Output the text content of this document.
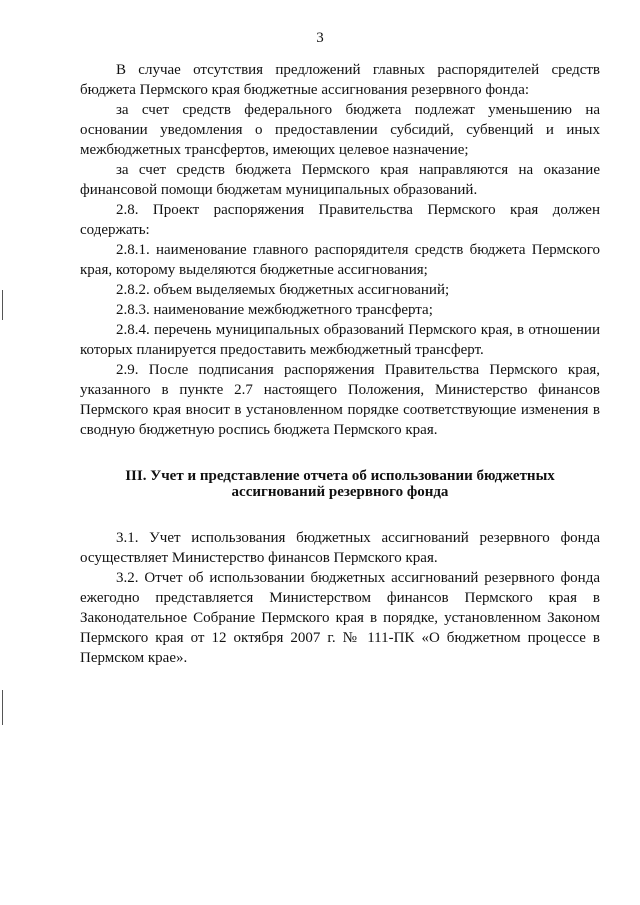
3

В случае отсутствия предложений главных распорядителей средств бюджета Пермского края бюджетные ассигнования резервного фонда:

за счет средств федерального бюджета подлежат уменьшению на основании уведомления о предоставлении субсидий, субвенций и иных межбюджетных трансфертов, имеющих целевое назначение;

за счет средств бюджета Пермского края направляются на оказание финансовой помощи бюджетам муниципальных образований.

2.8. Проект распоряжения Правительства Пермского края должен содержать:

2.8.1. наименование главного распорядителя средств бюджета Пермского края, которому выделяются бюджетные ассигнования;

2.8.2. объем выделяемых бюджетных ассигнований;

2.8.3. наименование межбюджетного трансферта;

2.8.4. перечень муниципальных образований Пермского края, в отношении которых планируется предоставить межбюджетный трансферт.

2.9. После подписания распоряжения Правительства Пермского края, указанного в пункте 2.7 настоящего Положения, Министерство финансов Пермского края вносит в установленном порядке соответствующие изменения в сводную бюджетную роспись бюджета Пермского края.

III. Учет и представление отчета об использовании бюджетных
ассигнований резервного фонда

3.1. Учет использования бюджетных ассигнований резервного фонда осуществляет Министерство финансов Пермского края.

3.2. Отчет об использовании бюджетных ассигнований резервного фонда ежегодно представляется Министерством финансов Пермского края в Законодательное Собрание Пермского края в порядке, установленном Законом Пермского края от 12 октября 2007 г. № 111-ПК «О бюджетном процессе в Пермском крае».
